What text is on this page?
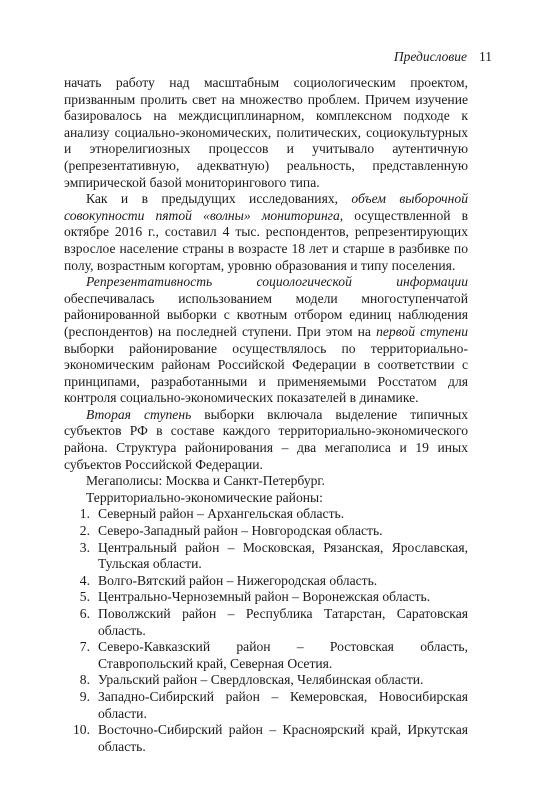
Предисловие 11

начать работу над масштабным социологическим проектом, призванным пролить свет на множество проблем. Причем изучение базировалось на междисциплинарном, комплексном подходе к анализу социально-экономических, политических, социокультурных и этнорелигиозных процессов и учитывало аутентичную (репрезентативную, адекватную) реальность, представленную эмпирической базой мониторингового типа.

Как и в предыдущих исследованиях, объем выборочной совокупности пятой «волны» мониторинга, осуществленной в октябре 2016 г., составил 4 тыс. респондентов, репрезентирующих взрослое население страны в возрасте 18 лет и старше в разбивке по полу, возрастным когортам, уровню образования и типу поселения.

Репрезентативность социологической информации обеспечивалась использованием модели многоступенчатой районированной выборки с квотным отбором единиц наблюдения (респондентов) на последней ступени. При этом на первой ступени выборки районирование осуществлялось по территориально-экономическим районам Российской Федерации в соответствии с принципами, разработанными и применяемыми Росстатом для контроля социально-экономических показателей в динамике.

Вторая ступень выборки включала выделение типичных субъектов РФ в составе каждого территориально-экономического района. Структура районирования – два мегаполиса и 19 иных субъектов Российской Федерации.

Мегаполисы: Москва и Санкт-Петербург.
Территориально-экономические районы:
1. Северный район – Архангельская область.
2. Северо-Западный район – Новгородская область.
3. Центральный район – Московская, Рязанская, Ярославская, Тульская области.
4. Волго-Вятский район – Нижегородская область.
5. Центрально-Черноземный район – Воронежская область.
6. Поволжский район – Республика Татарстан, Саратовская область.
7. Северо-Кавказский район – Ростовская область, Ставропольский край, Северная Осетия.
8. Уральский район – Свердловская, Челябинская области.
9. Западно-Сибирский район – Кемеровская, Новосибирская области.
10. Восточно-Сибирский район – Красноярский край, Иркутская область.
